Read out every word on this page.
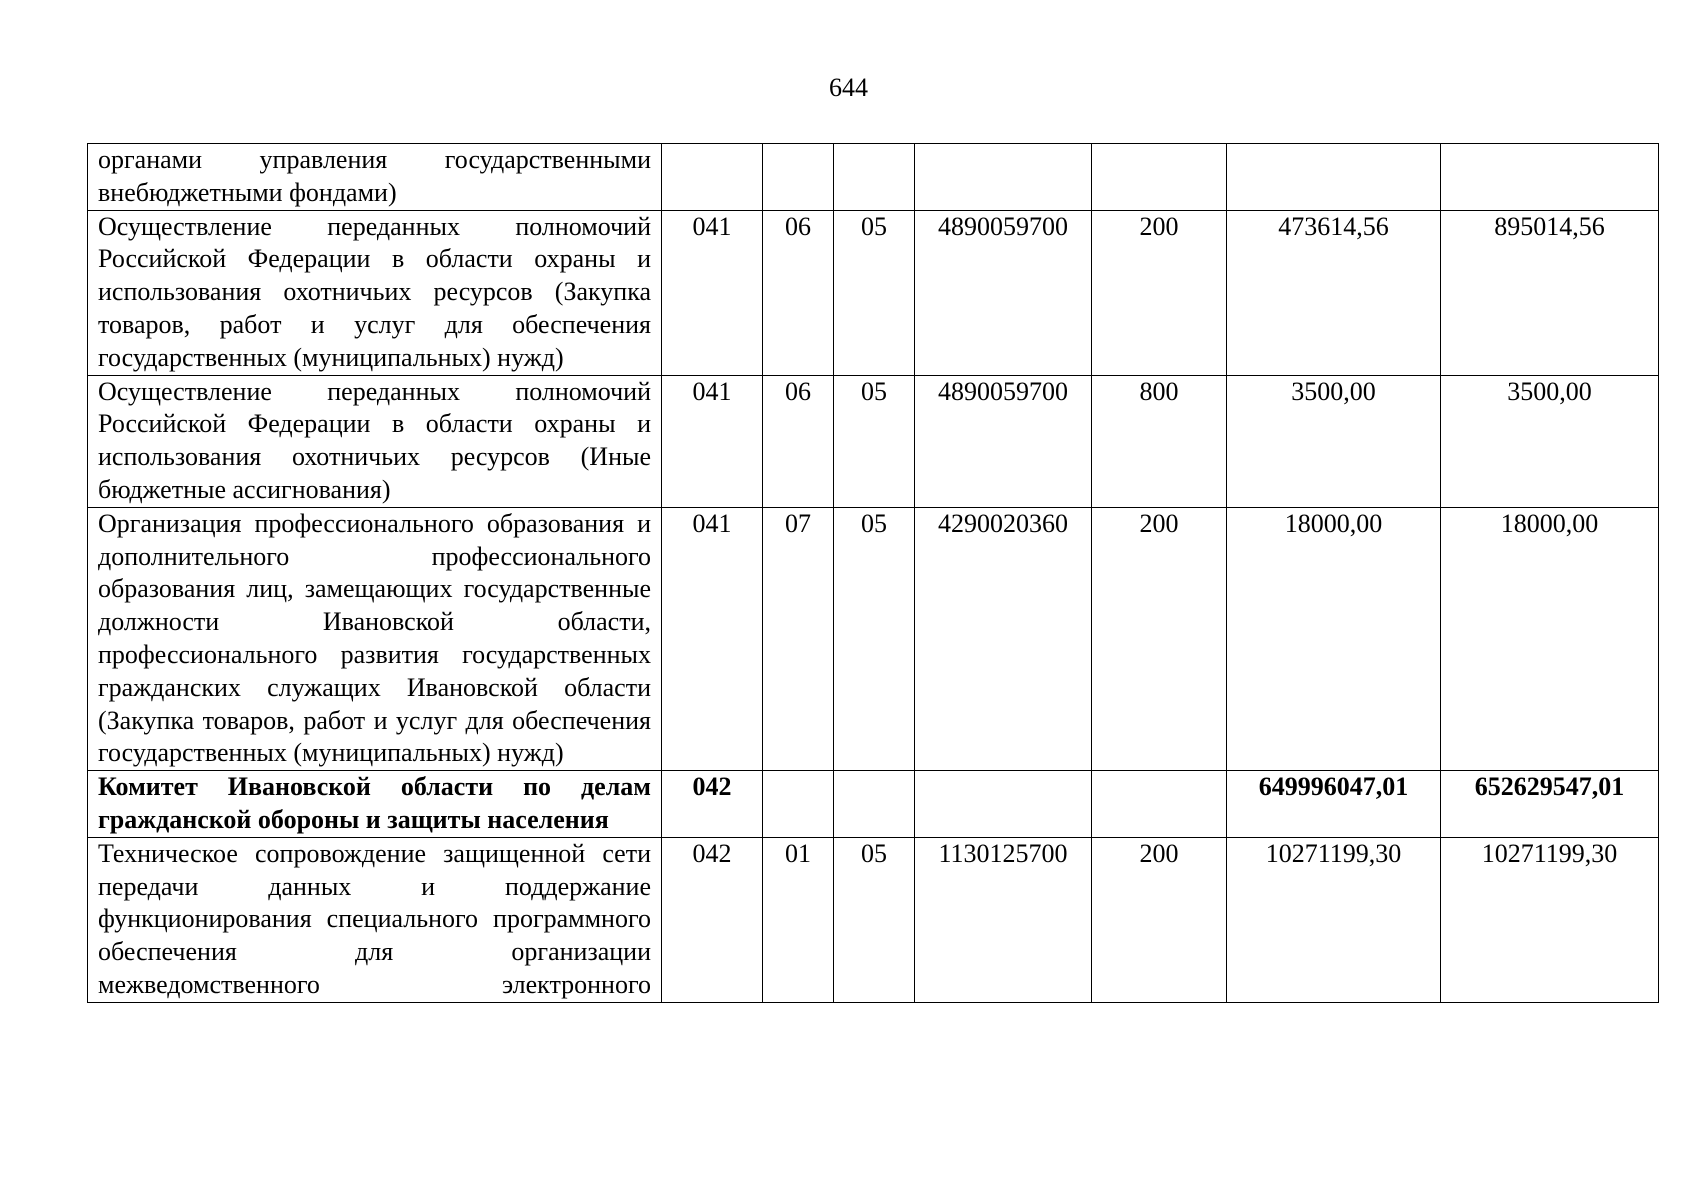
644
органами управления государственными внебюджетными фондами)							
Осуществление переданных полномочий Российской Федерации в области охраны и использования охотничьих ресурсов (Закупка товаров, работ и услуг для обеспечения государственных (муниципальных) нужд)	041	06	05	4890059700	200	473614,56	895014,56
Осуществление переданных полномочий Российской Федерации в области охраны и использования охотничьих ресурсов (Иные бюджетные ассигнования)	041	06	05	4890059700	800	3500,00	3500,00
Организация профессионального образования и дополнительного профессионального образования лиц, замещающих государственные должности Ивановской области, профессионального развития государственных гражданских служащих Ивановской области (Закупка товаров, работ и услуг для обеспечения государственных (муниципальных) нужд)	041	07	05	4290020360	200	18000,00	18000,00
Комитет Ивановской области по делам гражданской обороны и защиты населения	042					649996047,01	652629547,01
Техническое сопровождение защищенной сети передачи данных и поддержание функционирования специального программного обеспечения для организации межведомственного электронного	042	01	05	1130125700	200	10271199,30	10271199,30
